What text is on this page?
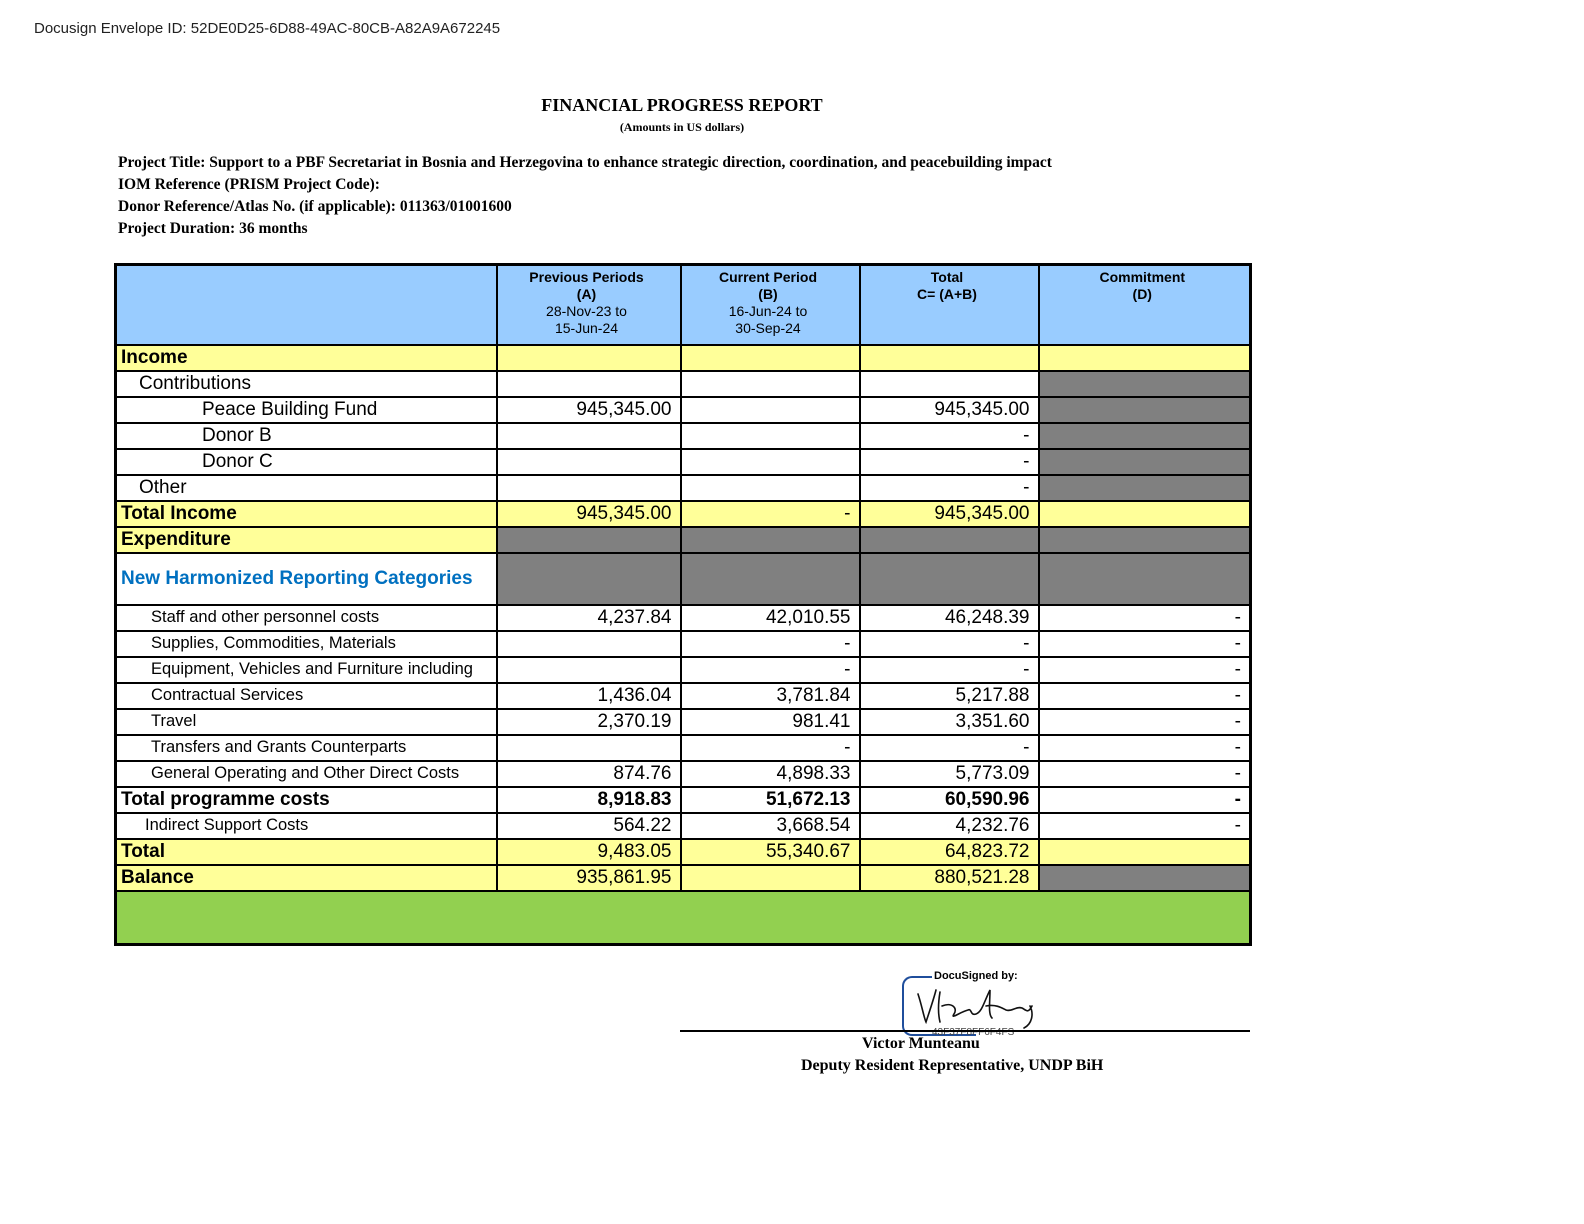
Docusign Envelope ID: 52DE0D25-6D88-49AC-80CB-A82A9A672245
FINANCIAL PROGRESS REPORT
(Amounts in US dollars)
Project Title: Support to a PBF Secretariat in Bosnia and Herzegovina to enhance strategic direction, coordination, and peacebuilding impact
IOM Reference (PRISM Project Code):
Donor Reference/Atlas No. (if applicable): 011363/01001600
Project Duration: 36 months

	Previous Periods
(A)
28-Nov-23 to
15-Jun-24	Current Period
(B)
16-Jun-24 to
30-Sep-24	Total
C= (A+B)	Commitment
(D)

Income				
Contributions				
Peace Building Fund	945,345.00		945,345.00	
Donor B			-	
Donor C			-	
Other			-	
Total Income	945,345.00	-	945,345.00	
Expenditure				
New Harmonized Reporting Categories				
Staff and other personnel costs	4,237.84	42,010.55	46,248.39	-
Supplies, Commodities, Materials		-	-	-
Equipment, Vehicles and Furniture including		-	-	-
Contractual Services	1,436.04	3,781.84	5,217.88	-
Travel	2,370.19	981.41	3,351.60	-
Transfers and Grants Counterparts		-	-	-
General Operating and Other Direct Costs	874.76	4,898.33	5,773.09	-
Total programme costs	8,918.83	51,672.13	60,590.96	-
Indirect Support Costs	564.22	3,668.54	4,232.76	-
Total	9,483.05	55,340.67	64,823.72	
Balance	935,861.95		880,521.28	

DocuSigned by:
43F37F8FF6F4FS
Victor Munteanu
Deputy Resident Representative, UNDP BiH
